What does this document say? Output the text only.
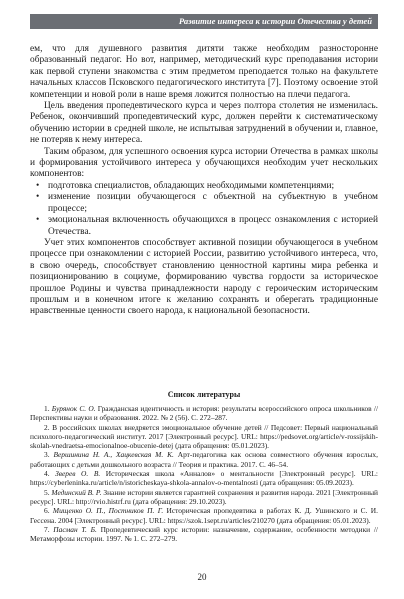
Развитие интереса к истории Отечества у детей

ем, что для душевного развития дитяти также необходим разносторонне образованный педагог. Но вот, например, методический курс преподавания истории как первой ступени знакомства с этим предметом преподается только на факультете начальных классов Псковского педагогического института [7]. Поэтому освоение этой компетенции и новой роли в наше время ложится полностью на плечи педагога.

Цель введения пропедевтического курса и через полтора столетия не изменилась. Ребенок, окончивший пропедевтический курс, должен перейти к систематическому обучению истории в средней школе, не испытывая затруднений в обучении и, главное, не потеряв к нему интереса.

Таким образом, для успешного освоения курса истории Отечества в рамках школы и формирования устойчивого интереса у обучающихся необходим учет нескольких компонентов:

• подготовка специалистов, обладающих необходимыми компетенциями;
• изменение позиции обучающегося с объектной на субъектную в учебном процессе;
• эмоциональная включенность обучающихся в процесс ознакомления с историей Отечества.

Учет этих компонентов способствует активной позиции обучающегося в учебном процессе при ознакомлении с историей России, развитию устойчивого интереса, что, в свою очередь, способствует становлению ценностной картины мира ребенка и позиционированию в социуме, формированию чувства гордости за историческое прошлое Родины и чувства принадлежности народу с героическим историческим прошлым и в конечном итоге к желанию сохранять и оберегать традиционные нравственные ценности своего народа, к национальной безопасности.

Список литературы
1. Бурянок С. О. Гражданская идентичность и история: результаты всероссийского опроса школьников // Перспективы науки и образования. 2022. № 2 (56). С. 272–287.
2. В российских школах внедряется эмоциональное обучение детей // Педсовет: Первый национальный психолого-педагогический институт. 2017 [Электронный ресурс]. URL: https://pedsovet.org/article/v-rossijskih-skolah-vnedraetsa-emocionalnoe-obucenie-detej (дата обращения: 05.01.2023).
3. Вершинина Н. А., Хацкевская М. К. Арт-педагогика как основа совместного обучения взрослых, работающих с детьми дошкольного возраста // Теория и практика. 2017. С. 46–54.
4. Зверев О. В. Историческая школа «Анналов» о ментальности [Электронный ресурс]. URL: https://cyberleninka.ru/article/n/istoricheskaya-shkola-annalov-o-mentalnosti (дата обращения: 05.09.2023).
5. Мединский В. Р. Знание истории является гарантией сохранения и развития народа. 2021 [Электронный ресурс]. URL: http://rvio.histrf.ru (дата обращения: 29.10.2023).
6. Мищенко О. П., Постников П. Г. Историческая пропедевтика в работах К. Д. Ушинского и С. И. Гессена. 2004 [Электронный ресурс]. URL: https://szok.1sept.ru/articles/210270 (дата обращения: 05.01.2023).
7. Пасман Т. Б. Пропедевтический курс истории: назначение, содержание, особенности методики // Метаморфозы истории. 1997. № 1. С. 272–279.
20
